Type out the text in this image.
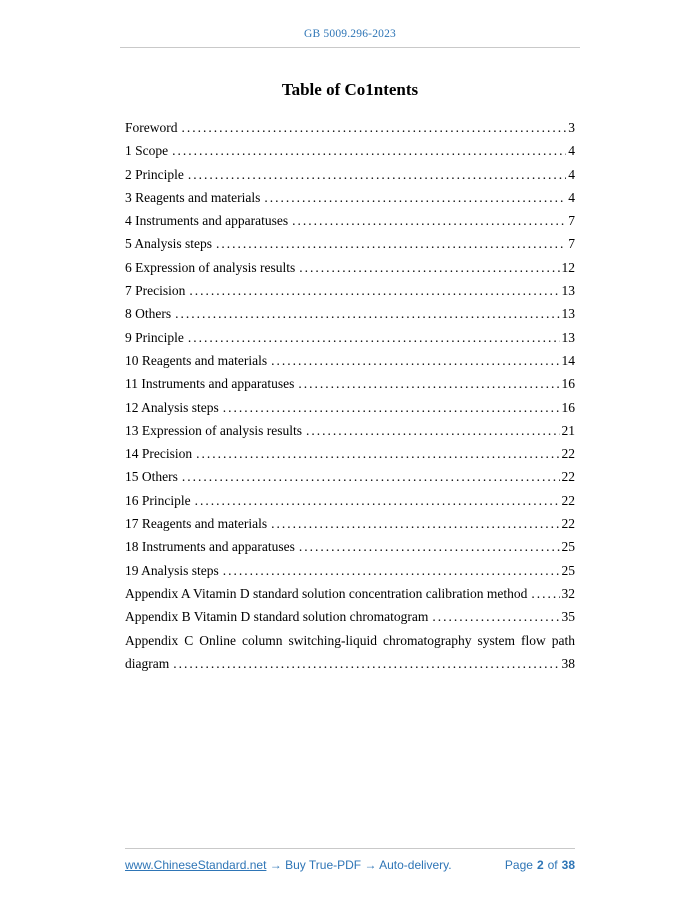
GB 5009.296-2023
Table of Co1ntents
Foreword .....	3
1 Scope .....	4
2 Principle .....	4
3 Reagents and materials .....	4
4 Instruments and apparatuses .....	7
5 Analysis steps .....	7
6 Expression of analysis results .....	12
7 Precision .....	13
8 Others .....	13
9 Principle .....	13
10 Reagents and materials .....	14
11 Instruments and apparatuses .....	16
12 Analysis steps .....	16
13 Expression of analysis results .....	21
14 Precision .....	22
15 Others .....	22
16 Principle .....	22
17 Reagents and materials .....	22
18 Instruments and apparatuses .....	25
19 Analysis steps .....	25
Appendix A Vitamin D standard solution concentration calibration method .....	32
Appendix B Vitamin D standard solution chromatogram .....	35
Appendix C Online column switching-liquid chromatography system flow path
diagram .....	38
www.ChineseStandard.net → Buy True-PDF → Auto-delivery.	Page 2 of 38
